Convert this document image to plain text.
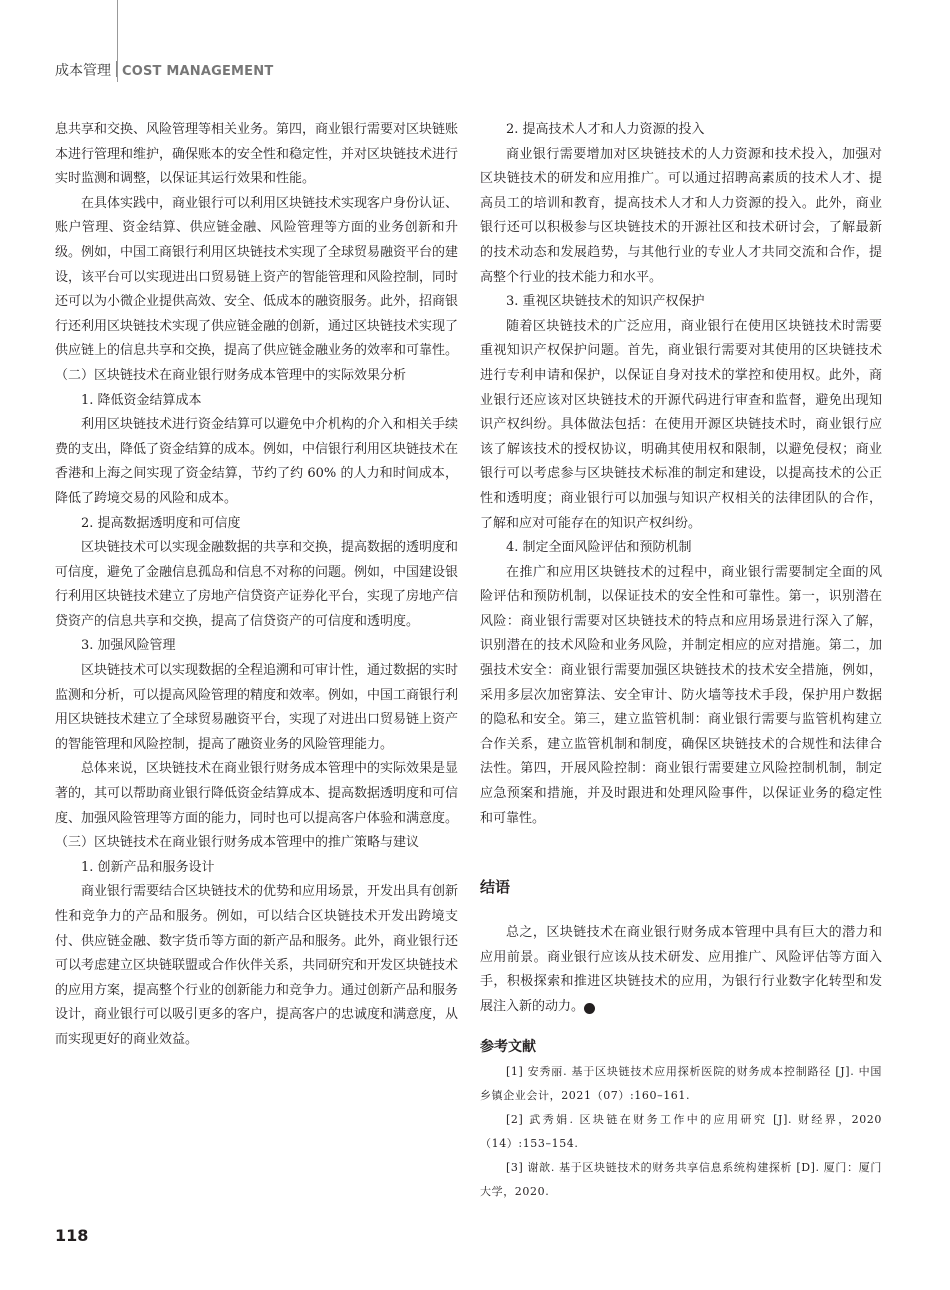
成本管理 COST MANAGEMENT

息共享和交换、风险管理等相关业务。第四，商业银行需要对区块链账本进行管理和维护，确保账本的安全性和稳定性，并对区块链技术进行实时监测和调整，以保证其运行效果和性能。

在具体实践中，商业银行可以利用区块链技术实现客户身份认证、账户管理、资金结算、供应链金融、风险管理等方面的业务创新和升级。例如，中国工商银行利用区块链技术实现了全球贸易融资平台的建设，该平台可以实现进出口贸易链上资产的智能管理和风险控制，同时还可以为小微企业提供高效、安全、低成本的融资服务。此外，招商银行还利用区块链技术实现了供应链金融的创新，通过区块链技术实现了供应链上的信息共享和交换，提高了供应链金融业务的效率和可靠性。

（二）区块链技术在商业银行财务成本管理中的实际效果分析

1. 降低资金结算成本

利用区块链技术进行资金结算可以避免中介机构的介入和相关手续费的支出，降低了资金结算的成本。例如，中信银行利用区块链技术在香港和上海之间实现了资金结算，节约了约 60% 的人力和时间成本，降低了跨境交易的风险和成本。

2. 提高数据透明度和可信度

区块链技术可以实现金融数据的共享和交换，提高数据的透明度和可信度，避免了金融信息孤岛和信息不对称的问题。例如，中国建设银行利用区块链技术建立了房地产信贷资产证券化平台，实现了房地产信贷资产的信息共享和交换，提高了信贷资产的可信度和透明度。

3. 加强风险管理

区块链技术可以实现数据的全程追溯和可审计性，通过数据的实时监测和分析，可以提高风险管理的精度和效率。例如，中国工商银行利用区块链技术建立了全球贸易融资平台，实现了对进出口贸易链上资产的智能管理和风险控制，提高了融资业务的风险管理能力。

总体来说，区块链技术在商业银行财务成本管理中的实际效果是显著的，其可以帮助商业银行降低资金结算成本、提高数据透明度和可信度、加强风险管理等方面的能力，同时也可以提高客户体验和满意度。

（三）区块链技术在商业银行财务成本管理中的推广策略与建议

1. 创新产品和服务设计

商业银行需要结合区块链技术的优势和应用场景，开发出具有创新性和竞争力的产品和服务。例如，可以结合区块链技术开发出跨境支付、供应链金融、数字货币等方面的新产品和服务。此外，商业银行还可以考虑建立区块链联盟或合作伙伴关系，共同研究和开发区块链技术的应用方案，提高整个行业的创新能力和竞争力。通过创新产品和服务设计，商业银行可以吸引更多的客户，提高客户的忠诚度和满意度，从而实现更好的商业效益。

2. 提高技术人才和人力资源的投入

商业银行需要增加对区块链技术的人力资源和技术投入，加强对区块链技术的研发和应用推广。可以通过招聘高素质的技术人才、提高员工的培训和教育，提高技术人才和人力资源的投入。此外，商业银行还可以积极参与区块链技术的开源社区和技术研讨会，了解最新的技术动态和发展趋势，与其他行业的专业人才共同交流和合作，提高整个行业的技术能力和水平。

3. 重视区块链技术的知识产权保护

随着区块链技术的广泛应用，商业银行在使用区块链技术时需要重视知识产权保护问题。首先，商业银行需要对其使用的区块链技术进行专利申请和保护，以保证自身对技术的掌控和使用权。此外，商业银行还应该对区块链技术的开源代码进行审查和监督，避免出现知识产权纠纷。具体做法包括：在使用开源区块链技术时，商业银行应该了解该技术的授权协议，明确其使用权和限制，以避免侵权；商业银行可以考虑参与区块链技术标准的制定和建设，以提高技术的公正性和透明度；商业银行可以加强与知识产权相关的法律团队的合作，了解和应对可能存在的知识产权纠纷。

4. 制定全面风险评估和预防机制

在推广和应用区块链技术的过程中，商业银行需要制定全面的风险评估和预防机制，以保证技术的安全性和可靠性。第一，识别潜在风险：商业银行需要对区块链技术的特点和应用场景进行深入了解，识别潜在的技术风险和业务风险，并制定相应的应对措施。第二，加强技术安全：商业银行需要加强区块链技术的技术安全措施，例如，采用多层次加密算法、安全审计、防火墙等技术手段，保护用户数据的隐私和安全。第三，建立监管机制：商业银行需要与监管机构建立合作关系，建立监管机制和制度，确保区块链技术的合规性和法律合法性。第四，开展风险控制：商业银行需要建立风险控制机制，制定应急预案和措施，并及时跟进和处理风险事件，以保证业务的稳定性和可靠性。

结语

总之，区块链技术在商业银行财务成本管理中具有巨大的潜力和应用前景。商业银行应该从技术研发、应用推广、风险评估等方面入手，积极探索和推进区块链技术的应用，为银行行业数字化转型和发展注入新的动力。	M

参考文献

[1] 安秀丽. 基于区块链技术应用探析医院的财务成本控制路径 [J]. 中国乡镇企业会计，2021（07）:160–161.

[2] 武秀娟. 区块链在财务工作中的应用研究 [J]. 财经界，2020（14）:153–154.

[3] 谢歆. 基于区块链技术的财务共享信息系统构建探析 [D]. 厦门：厦门大学，2020.

118
